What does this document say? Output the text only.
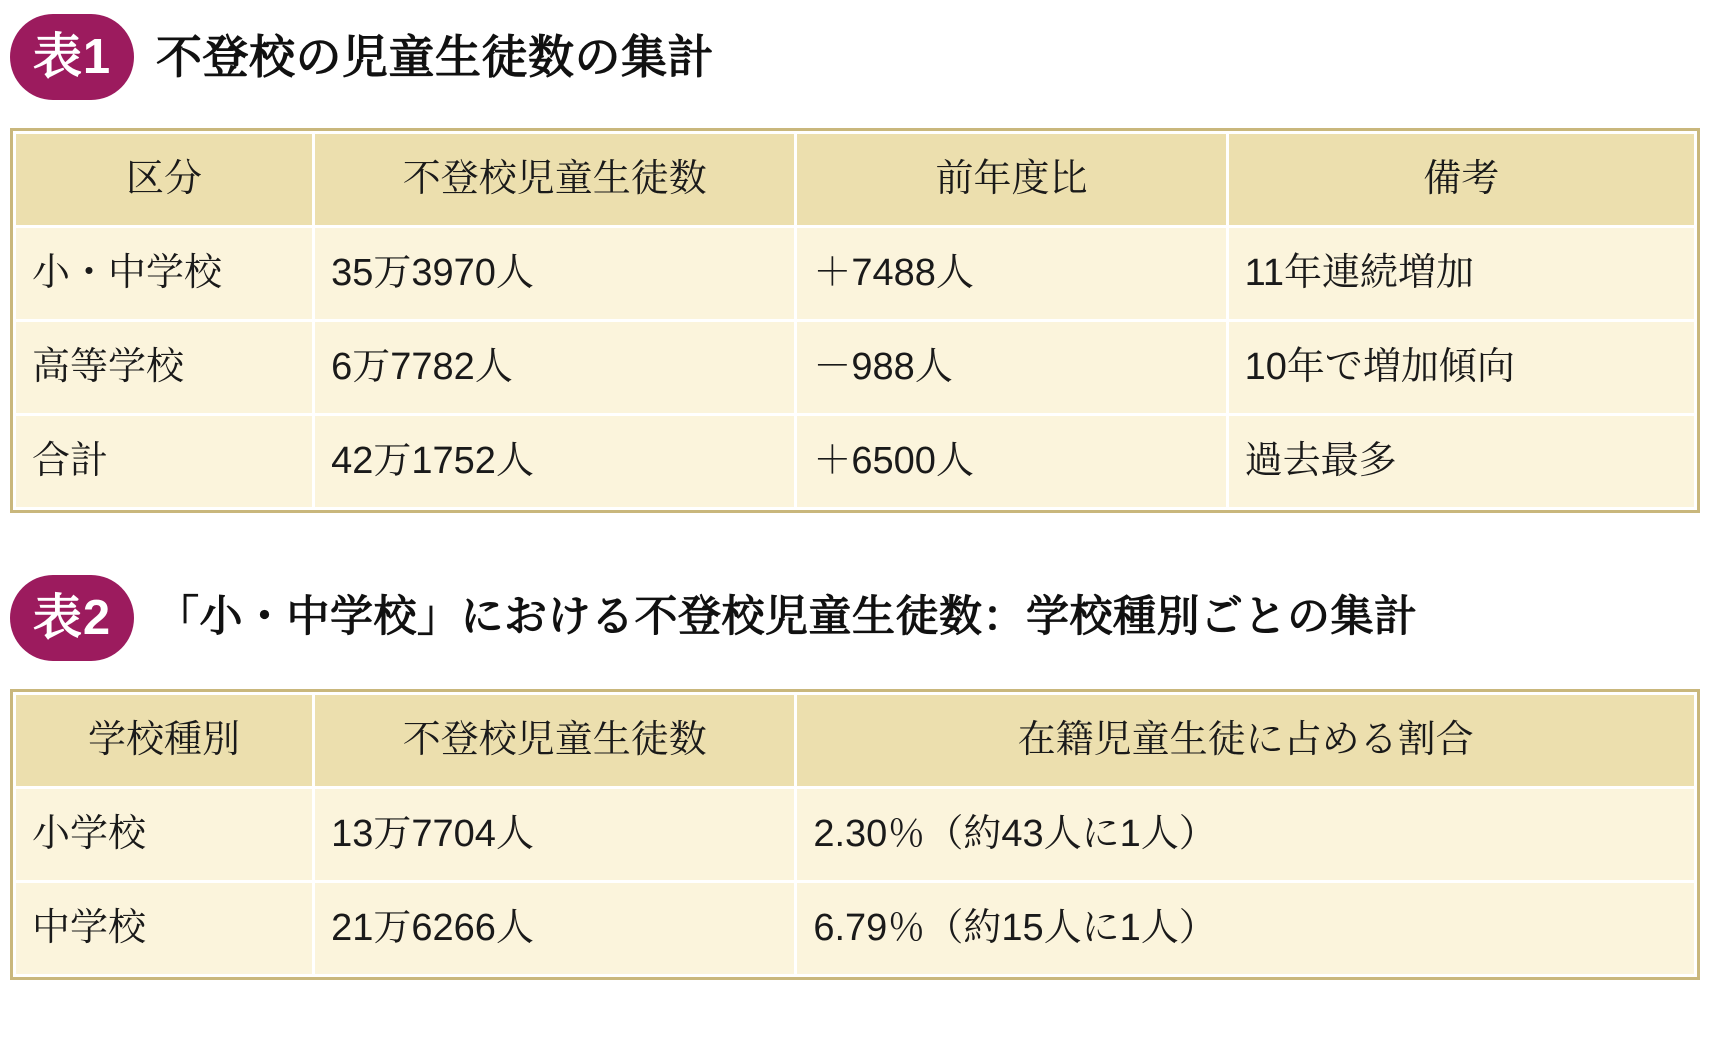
表1 不登校の児童生徒数の集計
区分	不登校児童生徒数	前年度比	備考
小・中学校	35万3970人	＋7488人	11年連続増加
高等学校	6万7782人	－988人	10年で増加傾向
合計	42万1752人	＋6500人	過去最多
表2	「小・中学校」における不登校児童生徒数：学校種別ごとの集計
学校種別	不登校児童生徒数	在籍児童生徒に占める割合
小学校	13万7704人	2.30％（約43人に1人）
中学校	21万6266人	6.79％（約15人に1人）
